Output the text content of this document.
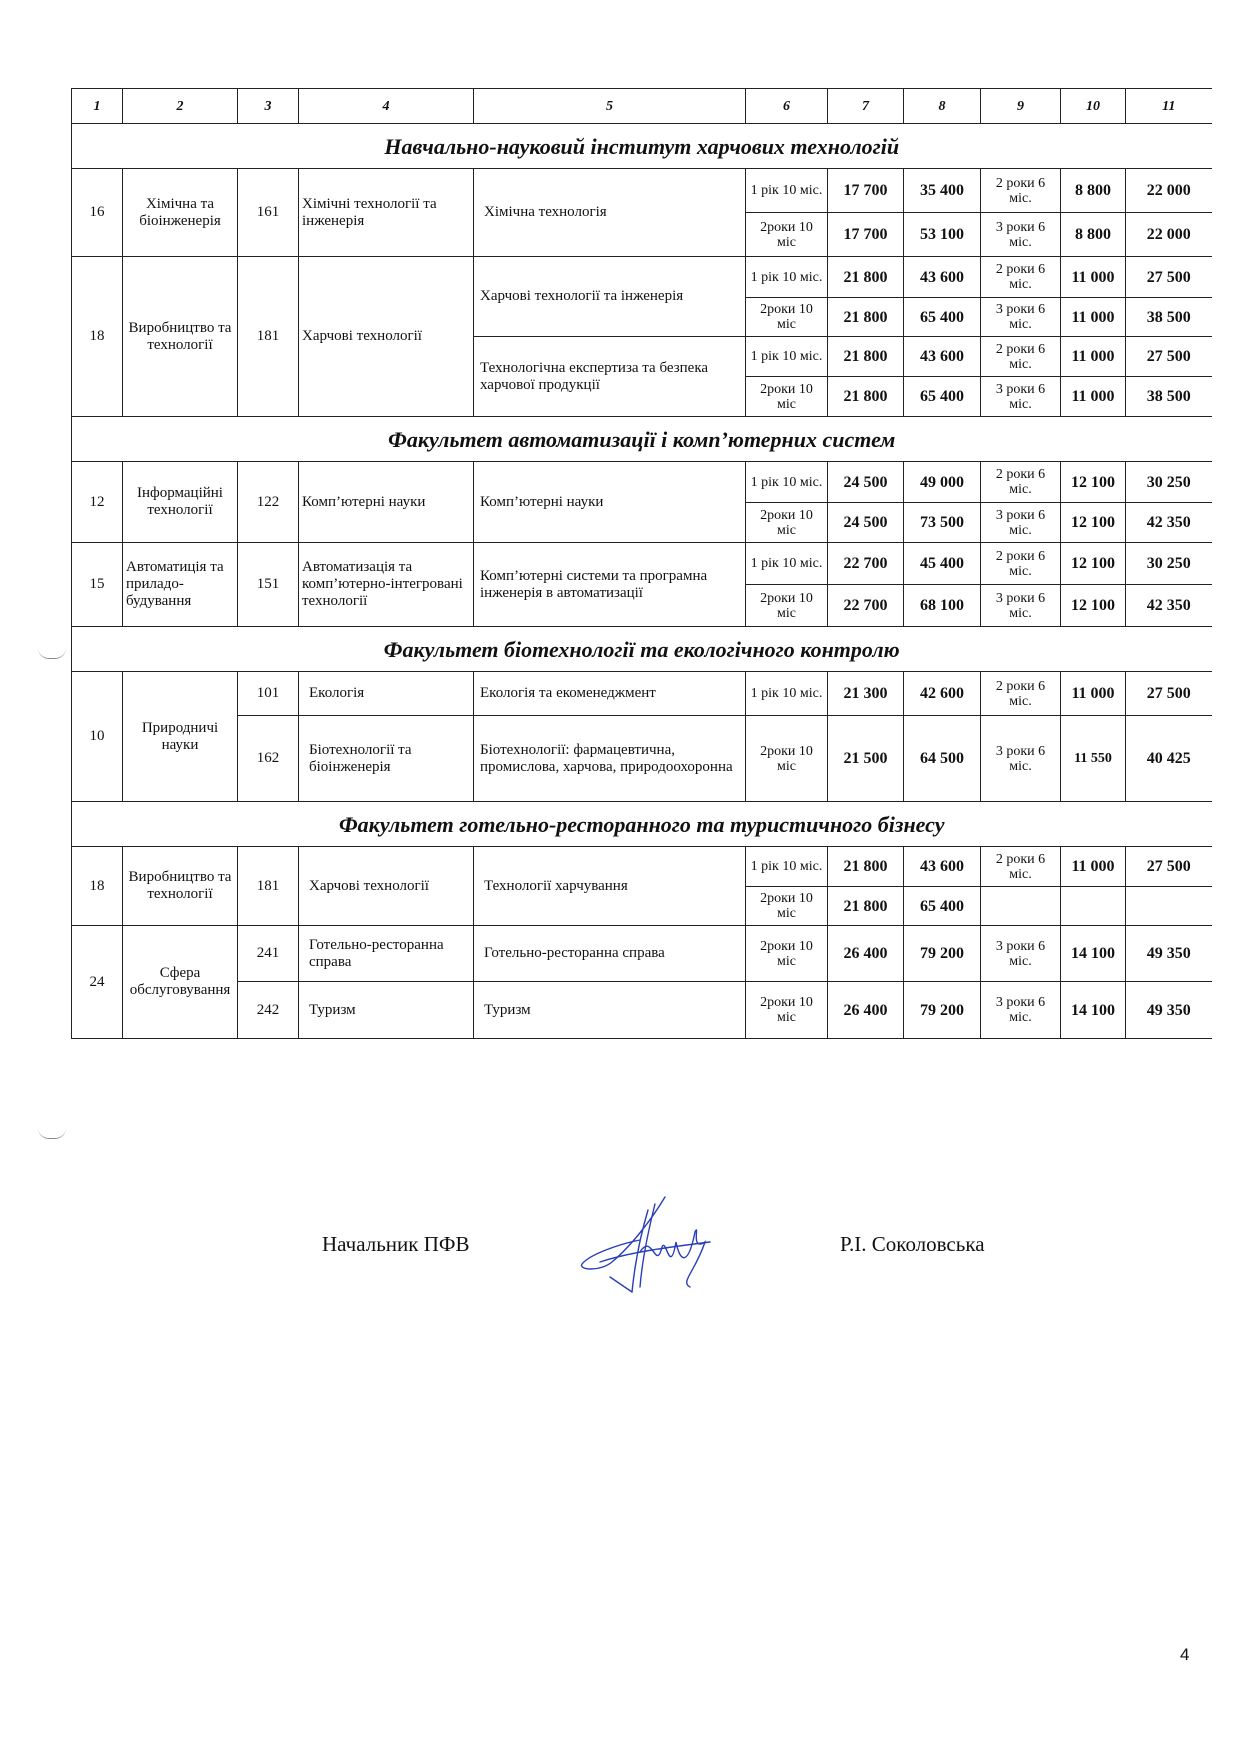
1	2	3	4	5	6	7	8	9	10	11
Навчально-науковий інститут харчових технологій										
16	Хімічна та біоінженерія	161	Хімічні технології та інженерія	Хімічна технологія	1 рік 10 міс.	17 700	35 400	2 роки 6 міс.	8 800	22 000
					2роки 10 міс	17 700	53 100	3 роки 6 міс.	8 800	22 000
18	Виробництво та технології	181	Харчові технології	Харчові технології та інженерія	1 рік 10 міс.	21 800	43 600	2 роки 6 міс.	11 000	27 500
					2роки 10 міс	21 800	65 400	3 роки 6 міс.	11 000	38 500
				Технологічна експертиза та безпека харчової продукції	1 рік 10 міс.	21 800	43 600	2 роки 6 міс.	11 000	27 500
					2роки 10 міс	21 800	65 400	3 роки 6 міс.	11 000	38 500
Факультет автоматизації і комп’ютерних систем										
12	Інформаційні технології	122	Комп’ютерні науки	Комп’ютерні науки	1 рік 10 міс.	24 500	49 000	2 роки 6 міс.	12 100	30 250
					2роки 10 міс	24 500	73 500	3 роки 6 міс.	12 100	42 350
15	Автоматиція та приладо-будування	151	Автоматизація та комп’ютерно-інтегровані технології	Комп’ютерні системи та програмна інженерія в автоматизації	1 рік 10 міс.	22 700	45 400	2 роки 6 міс.	12 100	30 250
					2роки 10 міс	22 700	68 100	3 роки 6 міс.	12 100	42 350
Факультет біотехнології та екологічного контролю										
10	Природничі науки	101	Екологія	Екологія та екоменеджмент	1 рік 10 міс.	21 300	42 600	2 роки 6 міс.	11 000	27 500
		162	Біотехнології та біоінженерія	Біотехнології: фармацевтична, промислова, харчова, природоохоронна	2роки 10 міс	21 500	64 500	3 роки 6 міс.	11 550	40 425
Факультет готельно-ресторанного та туристичного бізнесу										
18	Виробництво та технології	181	Харчові технології	Технології харчування	1 рік 10 міс.	21 800	43 600	2 роки 6 міс.	11 000	27 500
					2роки 10 міс	21 800	65 400			
24	Сфера обслуговування	241	Готельно-ресторанна справа	Готельно-ресторанна справа	2роки 10 міс	26 400	79 200	3 роки 6 міс.	14 100	49 350
		242	Туризм	Туризм	2роки 10 міс	26 400	79 200	3 роки 6 міс.	14 100	49 350
Начальник ПФВ	Р.І. Соколовська
4
